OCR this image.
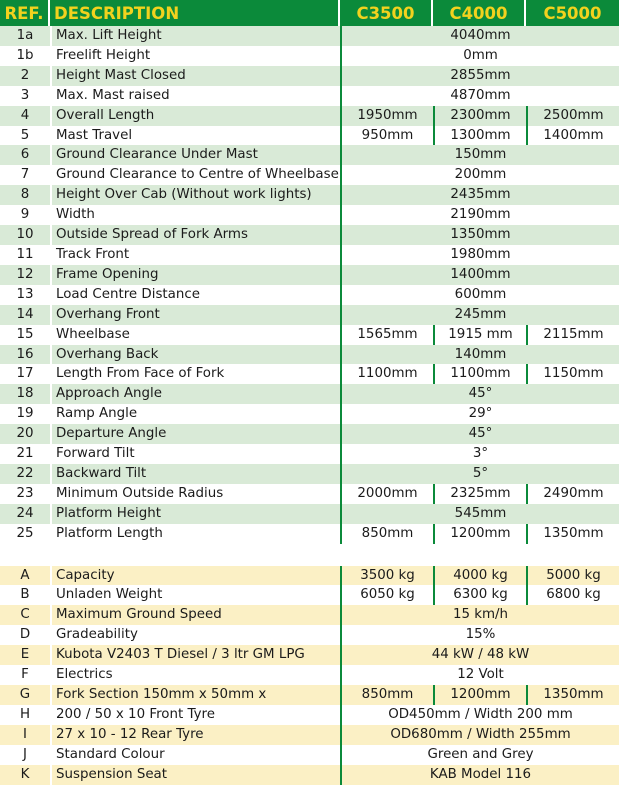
REF.	DESCRIPTION	C3500	C4000	C5000
1a	Max. Lift Height	4040mm		
1b	Freelift Height	0mm		
2	Height Mast Closed	2855mm		
3	Max. Mast raised	4870mm		
4	Overall Length	1950mm	2300mm	2500mm
5	Mast Travel	950mm	1300mm	1400mm
6	Ground Clearance Under Mast	150mm		
7	Ground Clearance to Centre of Wheelbase	200mm		
8	Height Over Cab (Without work lights)	2435mm		
9	Width	2190mm		
10	Outside Spread of Fork Arms	1350mm		
11	Track Front	1980mm		
12	Frame Opening	1400mm		
13	Load Centre Distance	600mm		
14	Overhang Front	245mm		
15	Wheelbase	1565mm	1915 mm	2115mm
16	Overhang Back	140mm		
17	Length From Face of Fork	1100mm	1100mm	1150mm
18	Approach Angle	45°		
19	Ramp Angle	29°		
20	Departure Angle	45°		
21	Forward Tilt	3°		
22	Backward Tilt	5°		
23	Minimum Outside Radius	2000mm	2325mm	2490mm
24	Platform Height	545mm		
25	Platform Length	850mm	1200mm	1350mm
A	Capacity	3500 kg	4000 kg	5000 kg
B	Unladen Weight	6050 kg	6300 kg	6800 kg
C	Maximum Ground Speed	15 km/h		
D	Gradeability	15%		
E	Kubota V2403 T Diesel / 3 ltr GM LPG	44 kW / 48 kW		
F	Electrics	12 Volt		
G	Fork Section 150mm x 50mm x	850mm	1200mm	1350mm
H	200 / 50 x 10 Front Tyre	OD450mm / Width 200 mm		
I	27 x 10 - 12 Rear Tyre	OD680mm / Width 255mm		
J	Standard Colour	Green and Grey		
K	Suspension Seat	KAB Model 116		
